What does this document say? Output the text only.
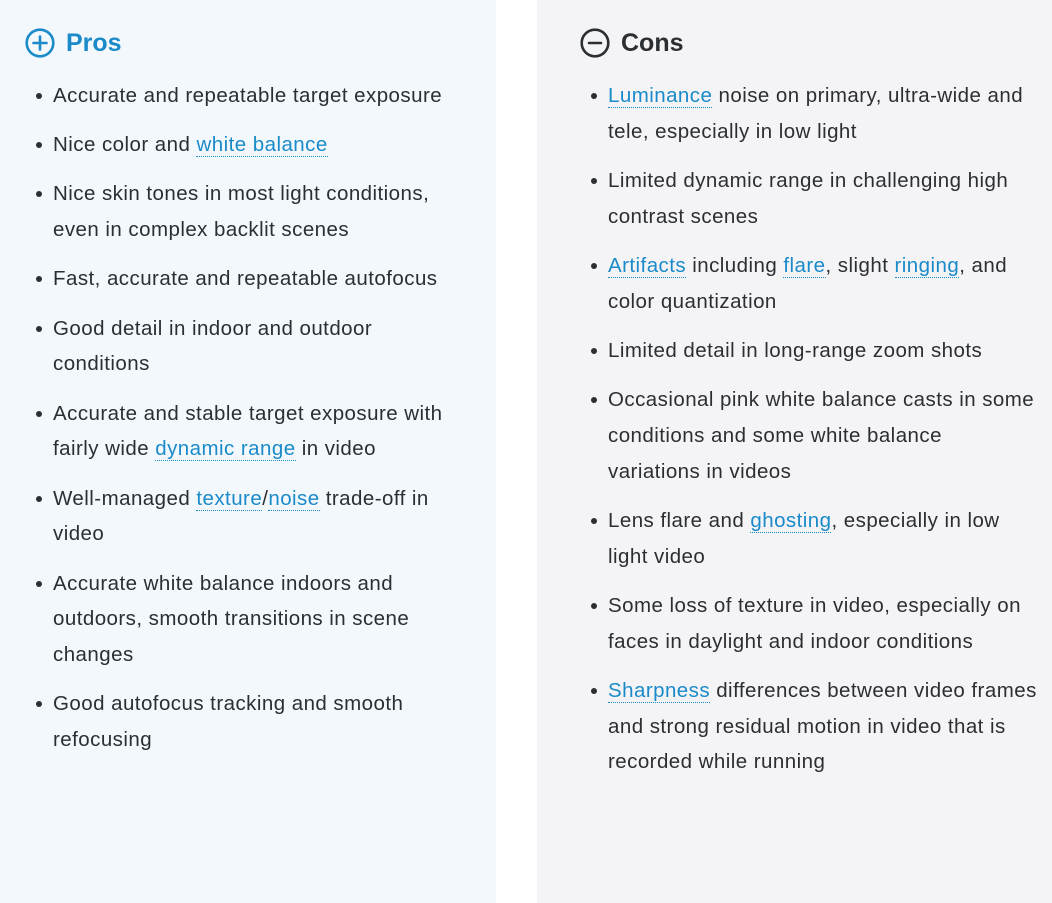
Pros
Accurate and repeatable target exposure
Nice color and white balance
Nice skin tones in most light conditions, even in complex backlit scenes
Fast, accurate and repeatable autofocus
Good detail in indoor and outdoor conditions
Accurate and stable target exposure with fairly wide dynamic range in video
Well-managed texture/noise trade-off in video
Accurate white balance indoors and outdoors, smooth transitions in scene changes
Good autofocus tracking and smooth refocusing
Cons
Luminance noise on primary, ultra-wide and tele, especially in low light
Limited dynamic range in challenging high contrast scenes
Artifacts including flare, slight ringing, and color quantization
Limited detail in long-range zoom shots
Occasional pink white balance casts in some conditions and some white balance variations in videos
Lens flare and ghosting, especially in low light video
Some loss of texture in video, especially on faces in daylight and indoor conditions
Sharpness differences between video frames and strong residual motion in video that is recorded while running
